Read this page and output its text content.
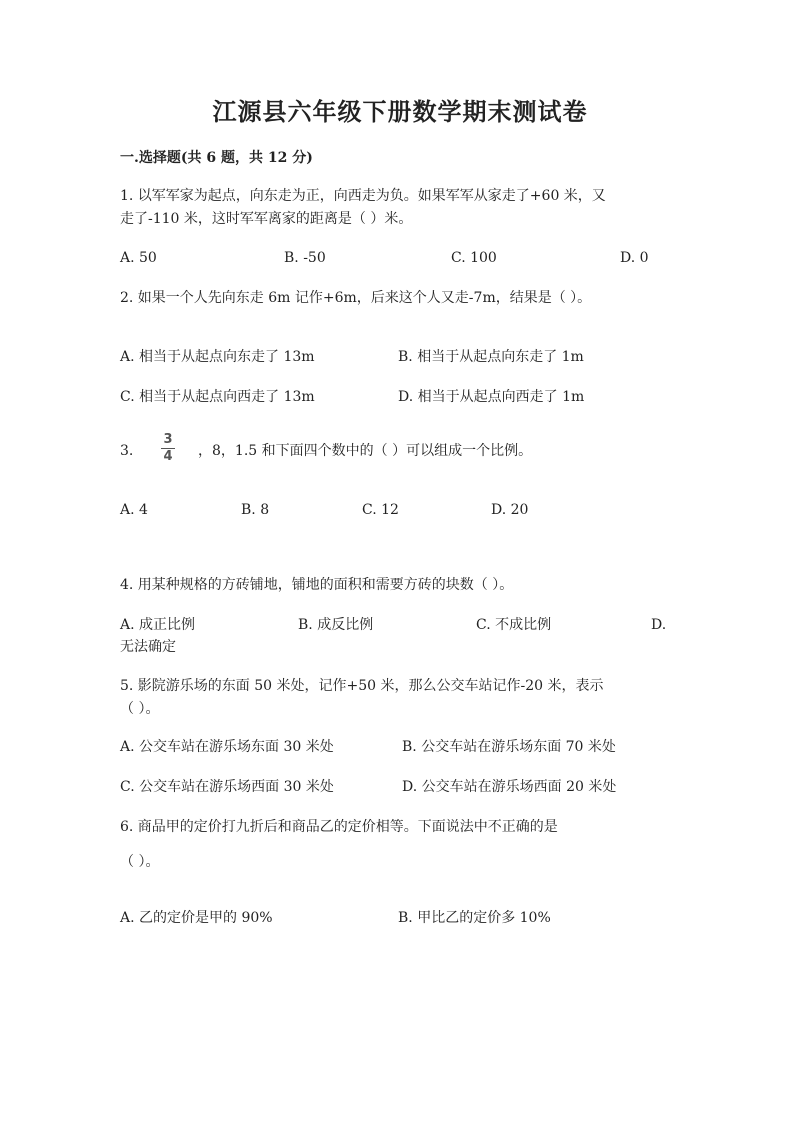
江源县六年级下册数学期末测试卷
一.选择题(共 6 题，共 12 分)
1. 以军军家为起点，向东走为正，向西走为负。如果军军从家走了+60 米，又
走了-110 米，这时军军离家的距离是（ ）米。
A. 50	B. -50	C. 100	D. 0
2. 如果一个人先向东走 6m 记作+6m，后来这个人又走-7m，结果是（ ）。
A. 相当于从起点向东走了 13m	B. 相当于从起点向东走了 1m
C. 相当于从起点向西走了 13m	D. 相当于从起点向西走了 1m
3.
3
4	，8，1.5 和下面四个数中的（ ）可以组成一个比例。
A. 4	B. 8	C. 12	D. 20
4. 用某种规格的方砖铺地，铺地的面积和需要方砖的块数（ ）。
A. 成正比例	B. 成反比例	C. 不成比例	D.
无法确定
5. 影院游乐场的东面 50 米处，记作+50 米，那么公交车站记作-20 米，表示
（ ）。
A. 公交车站在游乐场东面 30 米处	B. 公交车站在游乐场东面 70 米处
C. 公交车站在游乐场西面 30 米处	D. 公交车站在游乐场西面 20 米处
6. 商品甲的定价打九折后和商品乙的定价相等。下面说法中不正确的是
（ ）。
A. 乙的定价是甲的 90%	B. 甲比乙的定价多 10%
